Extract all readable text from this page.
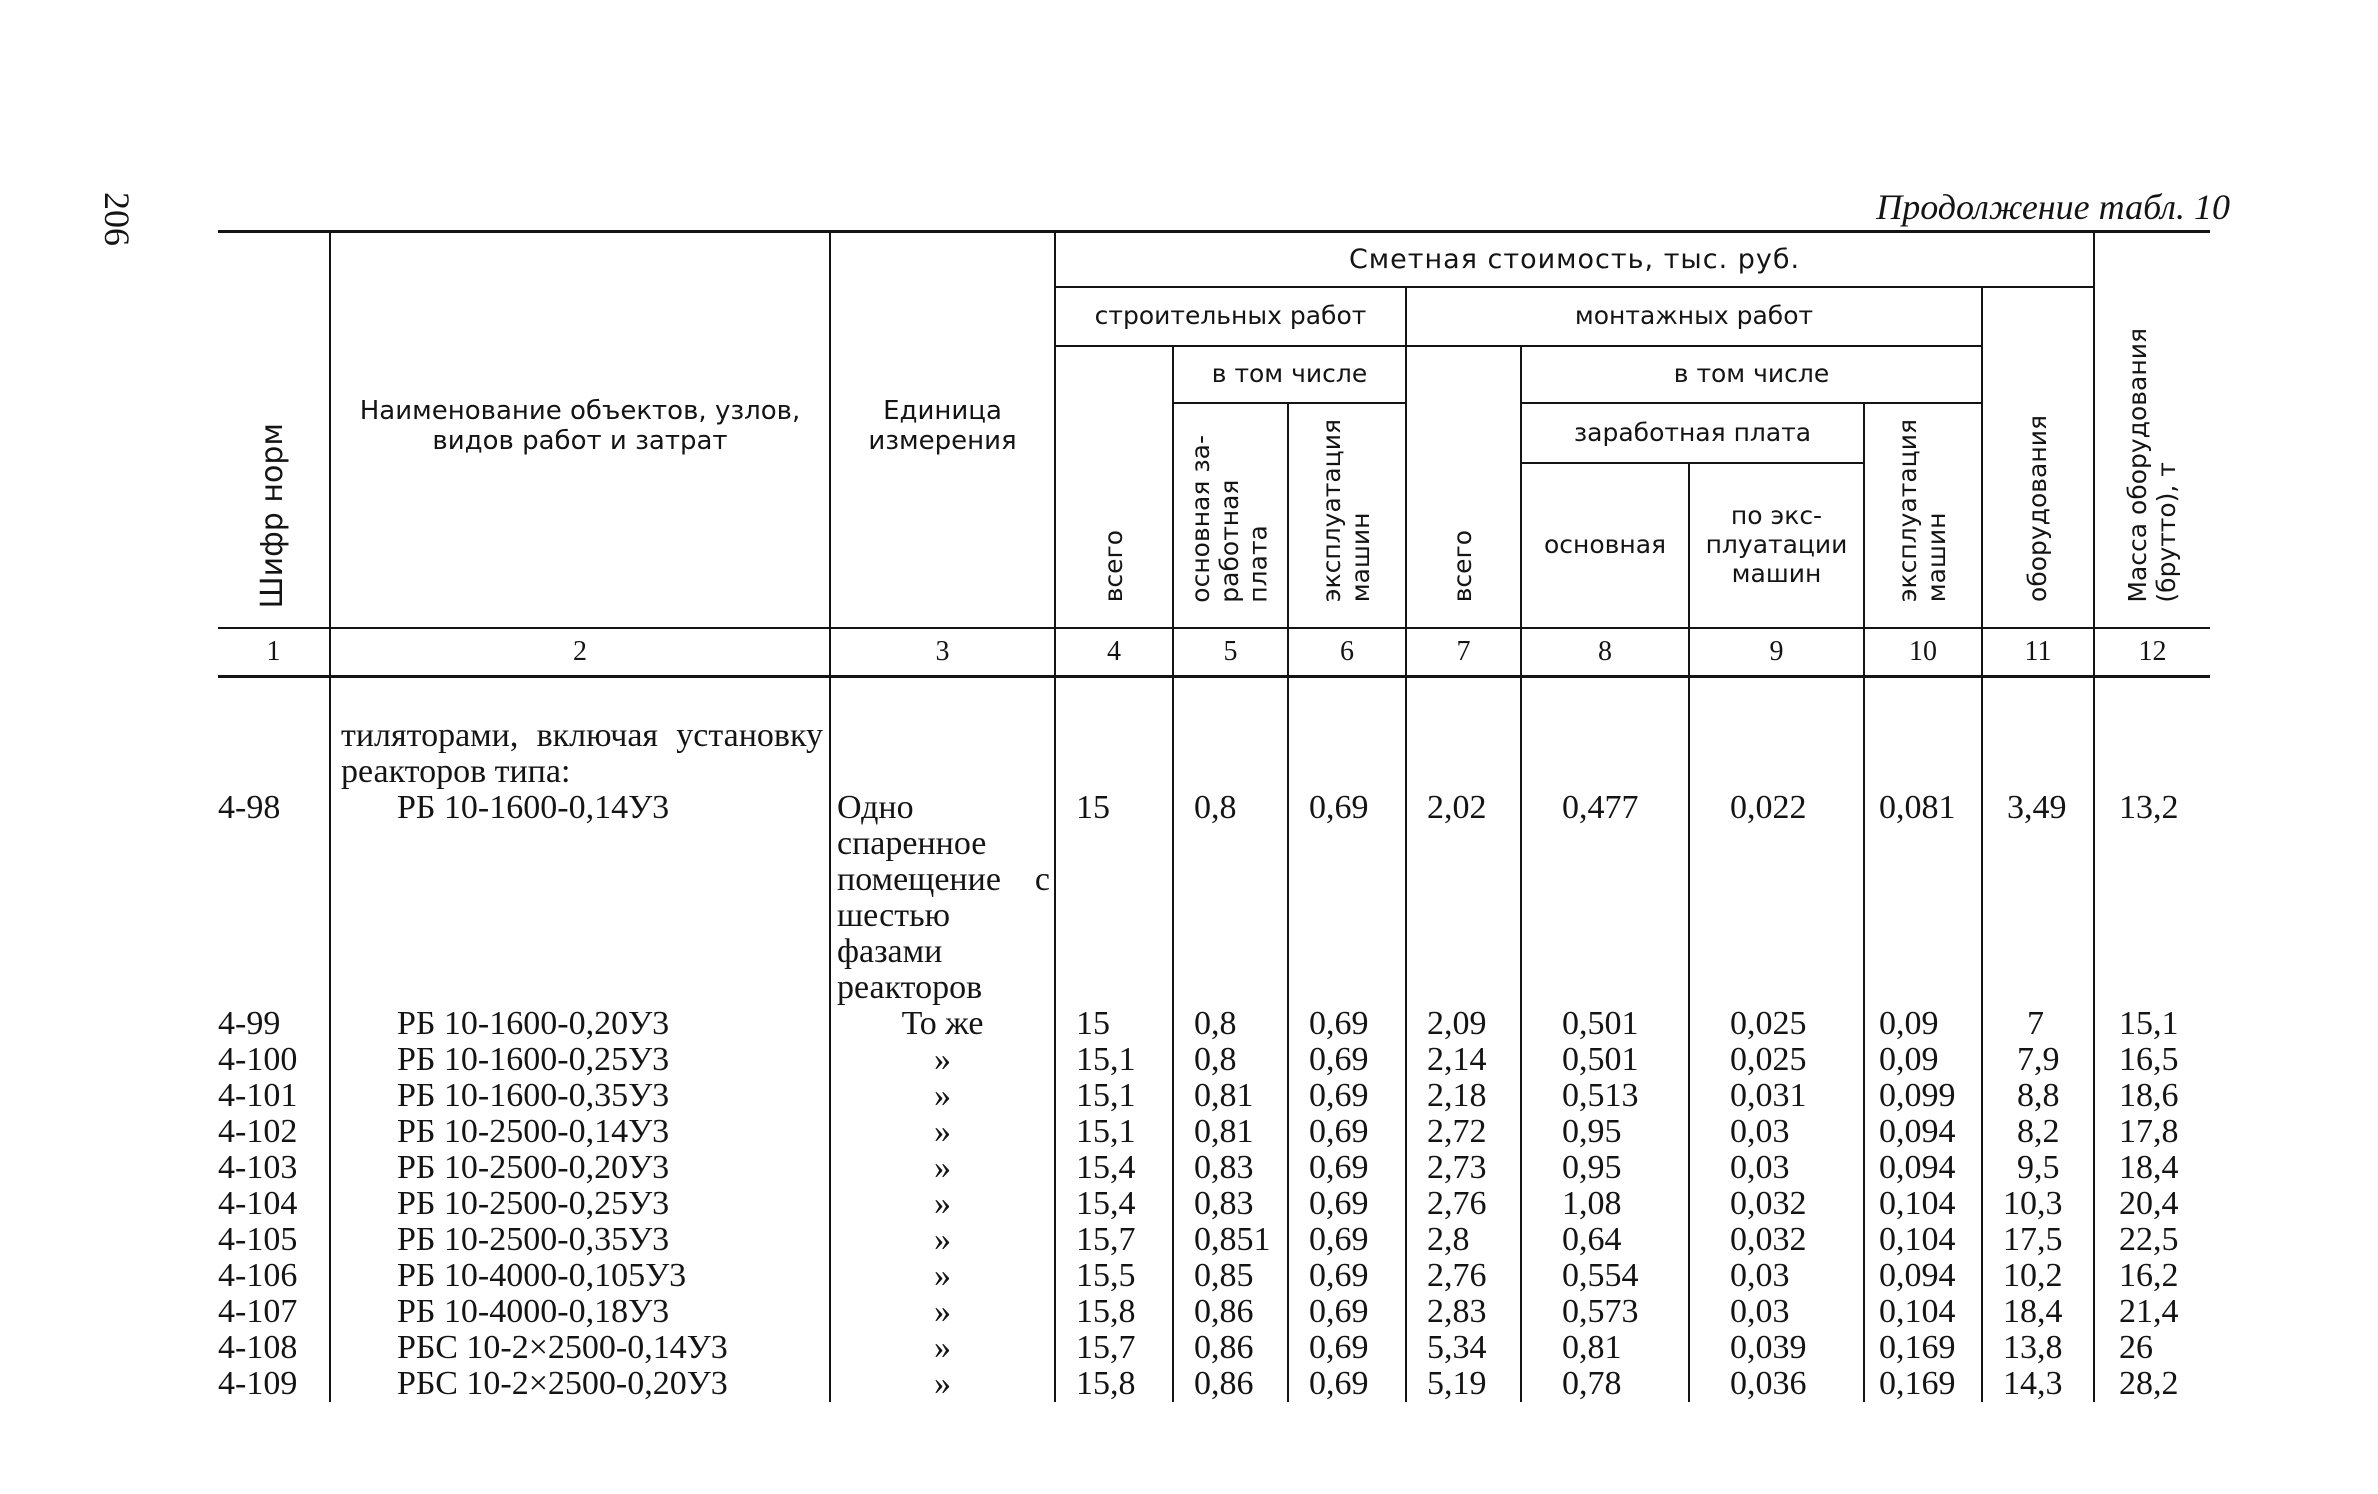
206	Продолжение табл. 10
Шифр норм	Наименование объектов, узлов, видов работ и затрат	Единица измерения	Сметная стоимость, тыс. руб.								Масса оборудования
(брутто), т
			строительных работ			монтажных работ				оборудования	
			всего	в том числе		всего	в том числе				
				основная за-
работная
плата	эксплуатация
машин		заработная плата		эксплуатация
машин		
							основная	по экс-
плуатации
машин			
1	2	3	4	5	6	7	8	9	10	11	12
	тиляторами, включая установку реакторов типа:										
4-98	РБ 10-1600-0,14У3	Одно спаренное помещение с шестью фазами реакторов	15	0,8	0,69	2,02	0,477	0,022	0,081	3,49	13,2
4-99	РБ 10-1600-0,20У3	То же	15	0,8	0,69	2,09	0,501	0,025	0,09	7	15,1
4-100	РБ 10-1600-0,25У3	»	15,1	0,8	0,69	2,14	0,501	0,025	0,09	7,9	16,5
4-101	РБ 10-1600-0,35У3	»	15,1	0,81	0,69	2,18	0,513	0,031	0,099	8,8	18,6
4-102	РБ 10-2500-0,14У3	»	15,1	0,81	0,69	2,72	0,95	0,03	0,094	8,2	17,8
4-103	РБ 10-2500-0,20У3	»	15,4	0,83	0,69	2,73	0,95	0,03	0,094	9,5	18,4
4-104	РБ 10-2500-0,25У3	»	15,4	0,83	0,69	2,76	1,08	0,032	0,104	10,3	20,4
4-105	РБ 10-2500-0,35У3	»	15,7	0,851	0,69	2,8	0,64	0,032	0,104	17,5	22,5
4-106	РБ 10-4000-0,105У3	»	15,5	0,85	0,69	2,76	0,554	0,03	0,094	10,2	16,2
4-107	РБ 10-4000-0,18У3	»	15,8	0,86	0,69	2,83	0,573	0,03	0,104	18,4	21,4
4-108	РБС 10-2×2500-0,14У3	»	15,7	0,86	0,69	5,34	0,81	0,039	0,169	13,8	26
4-109	РБС 10-2×2500-0,20У3	»	15,8	0,86	0,69	5,19	0,78	0,036	0,169	14,3	28,2
